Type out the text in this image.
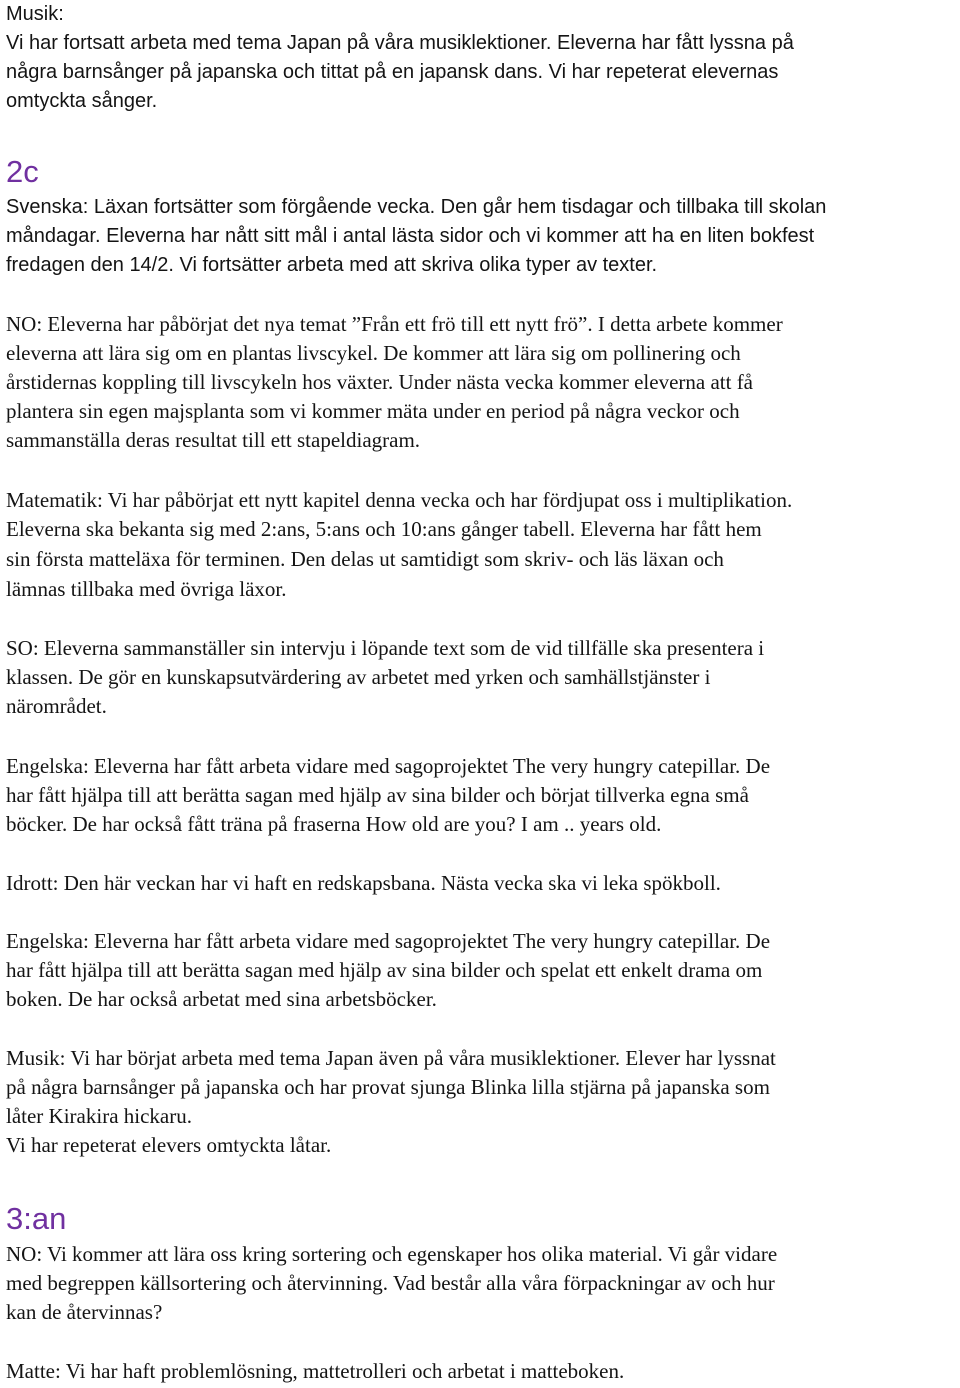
Musik:

Vi har fortsatt arbeta med tema Japan på våra musiklektioner. Eleverna har fått lyssna på

några barnsånger på japanska och tittat på en japansk dans. Vi har repeterat elevernas

omtyckta sånger.

2c

Svenska: Läxan fortsätter som förgående vecka. Den går hem tisdagar och tillbaka till skolan

måndagar. Eleverna har nått sitt mål i antal lästa sidor och vi kommer att ha en liten bokfest

fredagen den 14/2. Vi fortsätter arbeta med att skriva olika typer av texter.

NO: Eleverna har påbörjat det nya temat ”Från ett frö till ett nytt frö”. I detta arbete kommer

eleverna att lära sig om en plantas livscykel. De kommer att lära sig om pollinering och

årstidernas koppling till livscykeln hos växter. Under nästa vecka kommer eleverna att få

plantera sin egen majsplanta som vi kommer mäta under en period på några veckor och

sammanställa deras resultat till ett stapeldiagram.

Matematik: Vi har påbörjat ett nytt kapitel denna vecka och har fördjupat oss i multiplikation.

Eleverna ska bekanta sig med 2:ans, 5:ans och 10:ans gånger tabell. Eleverna har fått hem

sin första matteläxa för terminen. Den delas ut samtidigt som skriv- och läs läxan och

lämnas tillbaka med övriga läxor.

SO: Eleverna sammanställer sin intervju i löpande text som de vid tillfälle ska presentera i

klassen. De gör en kunskapsutvärdering av arbetet med yrken och samhällstjänster i

närområdet.

Engelska: Eleverna har fått arbeta vidare med sagoprojektet The very hungry catepillar. De

har fått hjälpa till att berätta sagan med hjälp av sina bilder och börjat tillverka egna små

böcker. De har också fått träna på fraserna How old are you? I am .. years old.

Idrott: Den här veckan har vi haft en redskapsbana. Nästa vecka ska vi leka spökboll.

Engelska: Eleverna har fått arbeta vidare med sagoprojektet The very hungry catepillar. De

har fått hjälpa till att berätta sagan med hjälp av sina bilder och spelat ett enkelt drama om

boken. De har också arbetat med sina arbetsböcker.

Musik: Vi har börjat arbeta med tema Japan även på våra musiklektioner. Elever har lyssnat

på några barnsånger på japanska och har provat sjunga Blinka lilla stjärna på japanska som

låter Kirakira hickaru.

Vi har repeterat elevers omtyckta låtar.

3:an

NO: Vi kommer att lära oss kring sortering och egenskaper hos olika material. Vi går vidare

med begreppen källsortering och återvinning. Vad består alla våra förpackningar av och hur

kan de återvinnas?

Matte: Vi har haft problemlösning, mattetrolleri och arbetat i matteboken.
